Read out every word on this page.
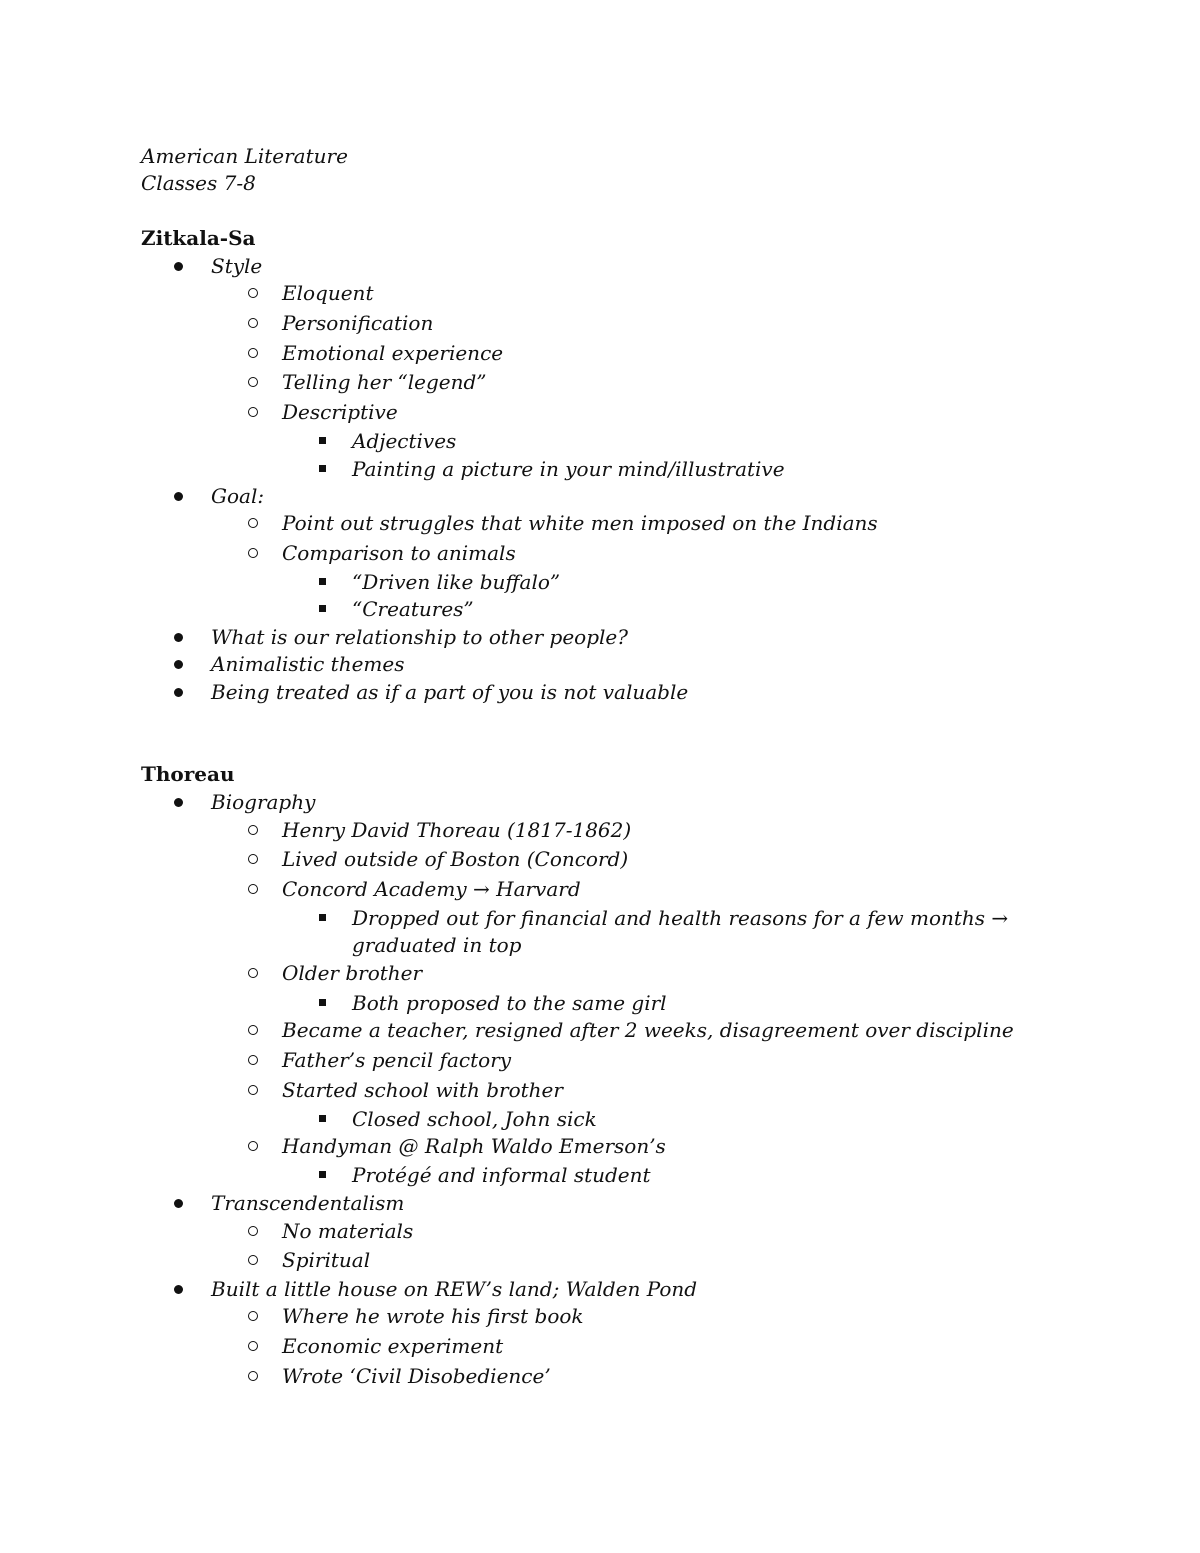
American Literature
Classes 7-8
Zitkala-Sa
Style
Eloquent
Personification
Emotional experience
Telling her “legend”
Descriptive
Adjectives
Painting a picture in your mind/illustrative
Goal:
Point out struggles that white men imposed on the Indians
Comparison to animals
“Driven like buffalo”
“Creatures”
What is our relationship to other people?
Animalistic themes
Being treated as if a part of you is not valuable
Thoreau
Biography
Henry David Thoreau (1817-1862)
Lived outside of Boston (Concord)
Concord Academy → Harvard
Dropped out for financial and health reasons for a few months →
graduated in top
Older brother
Both proposed to the same girl
Became a teacher, resigned after 2 weeks, disagreement over discipline
Father’s pencil factory
Started school with brother
Closed school, John sick
Handyman @ Ralph Waldo Emerson’s
Protégé and informal student
Transcendentalism
No materials
Spiritual
Built a little house on REW’s land; Walden Pond
Where he wrote his first book
Economic experiment
Wrote ‘Civil Disobedience’
